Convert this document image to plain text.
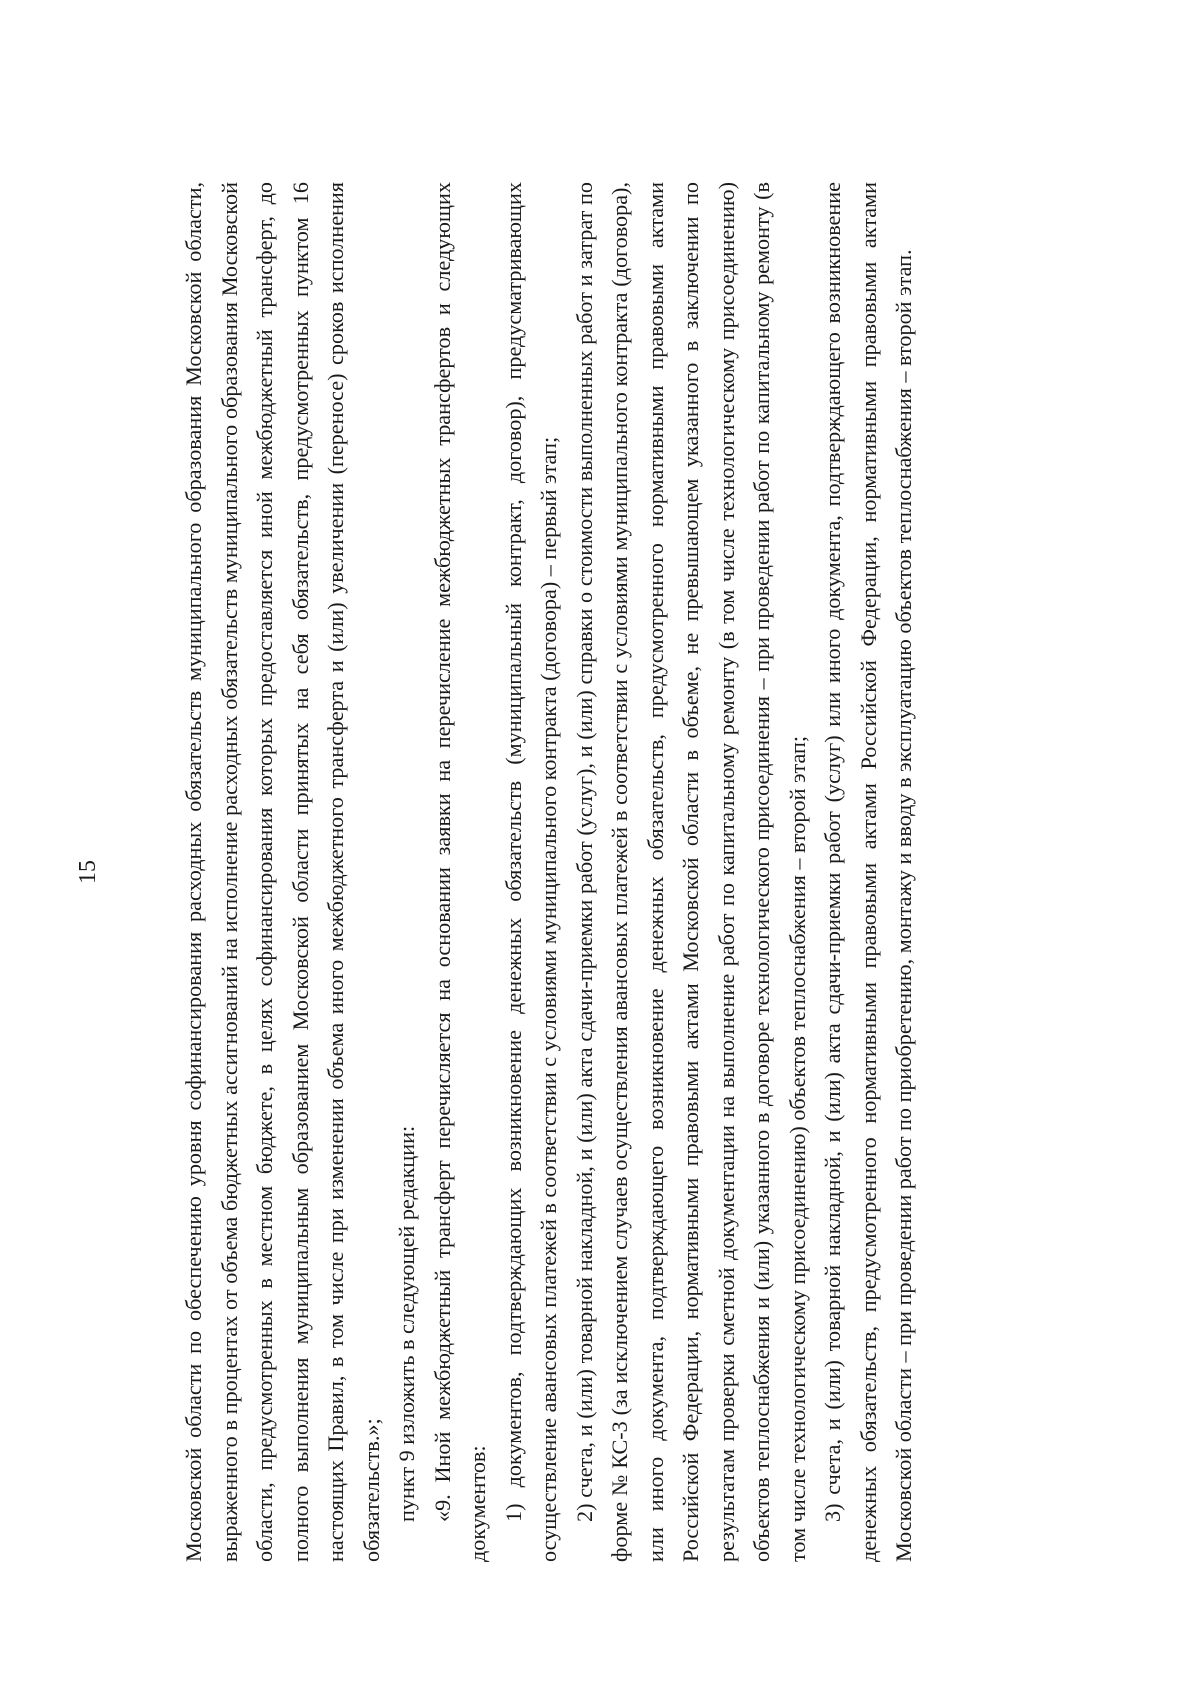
15	Московской области по обеспечению уровня софинансирования расходных обязательств муниципального образования Московской области, выраженного в процентах от объема бюджетных ассигнований на исполнение расходных обязательств муниципального образования Московской области, предусмотренных в местном бюджете, в целях софинансирования которых предоставляется иной межбюджетный трансферт, до полного выполнения муниципальным образованием Московской области принятых на себя обязательств, предусмотренных пунктом 16 настоящих Правил, в том числе при изменении объема иного межбюджетного трансферта и (или) увеличении (переносе) сроков исполнения обязательств.»; пункт 9 изложить в следующей редакции: «9. Иной межбюджетный трансферт перечисляется на основании заявки на перечисление межбюджетных трансфертов и следующих документов: 1) документов, подтверждающих возникновение денежных обязательств (муниципальный контракт, договор), предусматривающих осуществление авансовых платежей в соответствии с условиями муниципального контракта (договора) – первый этап; 2) счета, и (или) товарной накладной, и (или) акта сдачи-приемки работ (услуг), и (или) справки о стоимости выполненных работ и затрат по форме № КС-3 (за исключением случаев осуществления авансовых платежей в соответствии с условиями муниципального контракта (договора), или иного документа, подтверждающего возникновение денежных обязательств, предусмотренного нормативными правовыми актами Российской Федерации, нормативными правовыми актами Московской области в объеме, не превышающем указанного в заключении по результатам проверки сметной документации на выполнение работ по капитальному ремонту (в том числе технологическому присоединению) объектов теплоснабжения и (или) указанного в договоре технологического присоединения – при проведении работ по капитальному ремонту (в том числе технологическому присоединению) объектов теплоснабжения – второй этап; 3) счета, и (или) товарной накладной, и (или) акта сдачи-приемки работ (услуг) или иного документа, подтверждающего возникновение денежных обязательств, предусмотренного нормативными правовыми актами Российской Федерации, нормативными правовыми актами Московской области – при проведении работ по приобретению, монтажу и вводу в эксплуатацию объектов теплоснабжения – второй этап.
